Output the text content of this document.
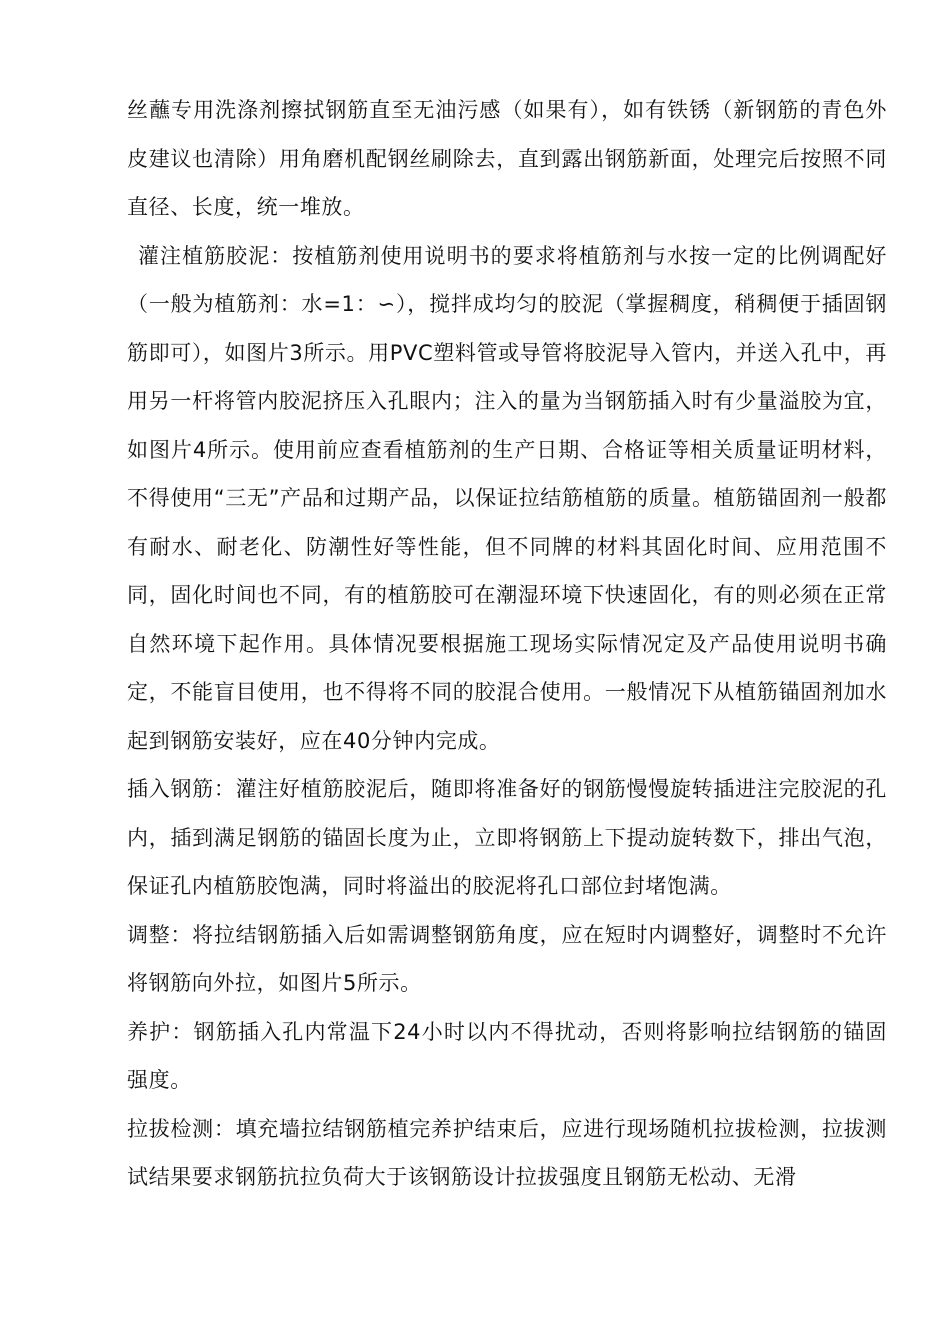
丝蘸专用洗涤剂擦拭钢筋直至无油污感（如果有），如有铁锈（新钢筋的青色外皮建议也清除）用角磨机配钢丝刷除去，直到露出钢筋新面，处理完后按照不同直径、长度，统一堆放。

灌注植筋胶泥：按植筋剂使用说明书的要求将植筋剂与水按一定的比例调配好（一般为植筋剂：水=1：∽），搅拌成均匀的胶泥（掌握稠度，稍稠便于插固钢筋即可），如图片3所示。用PVC塑料管或导管将胶泥导入管内，并送入孔中，再用另一杆将管内胶泥挤压入孔眼内；注入的量为当钢筋插入时有少量溢胶为宜，如图片4所示。使用前应查看植筋剂的生产日期、合格证等相关质量证明材料，不得使用“三无”产品和过期产品，以保证拉结筋植筋的质量。植筋锚固剂一般都有耐水、耐老化、防潮性好等性能，但不同牌的材料其固化时间、应用范围不同，固化时间也不同，有的植筋胶可在潮湿环境下快速固化，有的则必须在正常自然环境下起作用。具体情况要根据施工现场实际情况定及产品使用说明书确定，不能盲目使用，也不得将不同的胶混合使用。一般情况下从植筋锚固剂加水起到钢筋安装好，应在40分钟内完成。

插入钢筋：灌注好植筋胶泥后，随即将准备好的钢筋慢慢旋转插进注完胶泥的孔内，插到满足钢筋的锚固长度为止，立即将钢筋上下提动旋转数下，排出气泡，保证孔内植筋胶饱满，同时将溢出的胶泥将孔口部位封堵饱满。

调整：将拉结钢筋插入后如需调整钢筋角度，应在短时内调整好，调整时不允许将钢筋向外拉，如图片5所示。

养护：钢筋插入孔内常温下24小时以内不得扰动，否则将影响拉结钢筋的锚固强度。

拉拔检测：填充墙拉结钢筋植完养护结束后，应进行现场随机拉拔检测，拉拔测试结果要求钢筋抗拉负荷大于该钢筋设计拉拔强度且钢筋无松动、无滑
